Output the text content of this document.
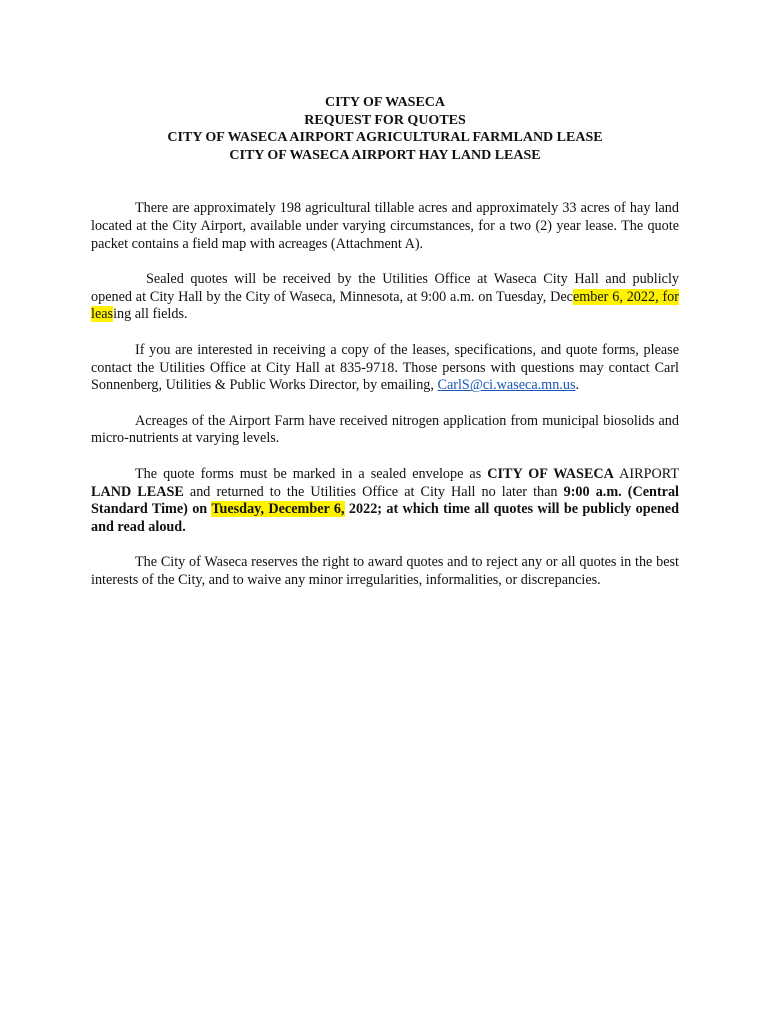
CITY OF WASECA
REQUEST FOR QUOTES
CITY OF WASECA AIRPORT AGRICULTURAL FARMLAND LEASE
CITY OF WASECA AIRPORT HAY LAND LEASE

There are approximately 198 agricultural tillable acres and approximately 33 acres of hay land located at the City Airport, available under varying circumstances, for a two (2) year lease. The quote packet contains a field map with acreages (Attachment A).

Sealed quotes will be received by the Utilities Office at Waseca City Hall and publicly opened at City Hall by the City of Waseca, Minnesota, at 9:00 a.m. on Tuesday, December 6, 2022, for leasing all fields.

If you are interested in receiving a copy of the leases, specifications, and quote forms, please contact the Utilities Office at City Hall at 835-9718. Those persons with questions may contact Carl Sonnenberg, Utilities & Public Works Director, by emailing, CarlS@ci.waseca.mn.us.

Acreages of the Airport Farm have received nitrogen application from municipal biosolids and micro-nutrients at varying levels.

The quote forms must be marked in a sealed envelope as CITY OF WASECA AIRPORT LAND LEASE and returned to the Utilities Office at City Hall no later than 9:00 a.m. (Central Standard Time) on Tuesday, December 6, 2022; at which time all quotes will be publicly opened and read aloud.

The City of Waseca reserves the right to award quotes and to reject any or all quotes in the best interests of the City, and to waive any minor irregularities, informalities, or discrepancies.
